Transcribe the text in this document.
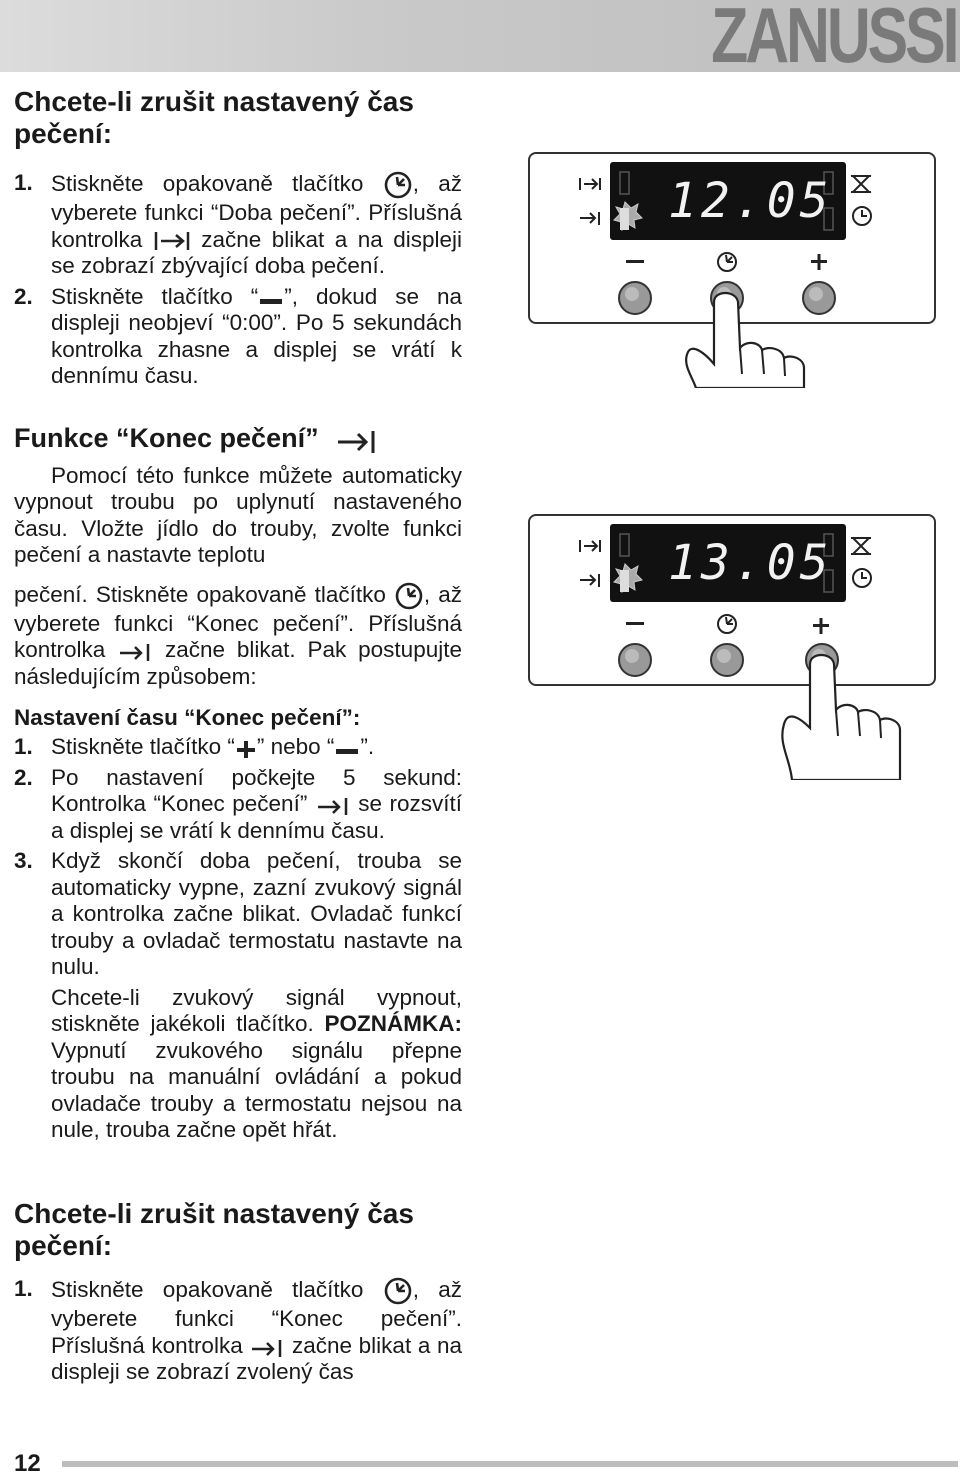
ZANUSSI
Chcete-li zrušit nastavený čas pečení:

1. Stiskněte opakovaně tlačítko , až vyberete funkci “Doba pečení”. Příslušná kontrolka	začne blikat a na displeji se zobrazí zbývající doba pečení.

2. Stiskněte tlačítko “ ”, dokud se na displeji neobjeví “0:00”. Po 5 sekundách kontrolka zhasne a displej se vrátí k dennímu času.

Funkce “Konec pečení”

Pomocí této funkce můžete automaticky vypnout troubu po uplynutí nastaveného času. Vložte jídlo do trouby, zvolte funkci pečení a nastavte teplotu

pečení. Stiskněte opakovaně tlačítko , až vyberete funkci “Konec pečení”. Příslušná kontrolka	začne blikat. Pak postupujte následujícím způsobem:

Nastavení času “Konec pečení”:

1. Stiskněte tlačítko “ ” nebo “ ”.

2. Po nastavení počkejte 5 sekund: Kontrolka “Konec pečení” se rozsvítí a displej se vrátí k dennímu času.

3. Když skončí doba pečení, trouba se automaticky vypne, zazní zvukový signál a kontrolka začne blikat. Ovladač funkcí trouby a ovladač termostatu nastavte na nulu.

Chcete-li zvukový signál vypnout, stiskněte jakékoli tlačítko. POZNÁMKA: Vypnutí zvukového signálu přepne troubu na manuální ovládání a pokud ovladače trouby a termostatu nejsou na nule, trouba začne opět hřát.

Chcete-li zrušit nastavený čas pečení:

1. Stiskněte opakovaně tlačítko , až vyberete funkci “Konec pečení”. Příslušná kontrolka začne blikat a na displeji se zobrazí zvolený čas

12.05
13.05
12
